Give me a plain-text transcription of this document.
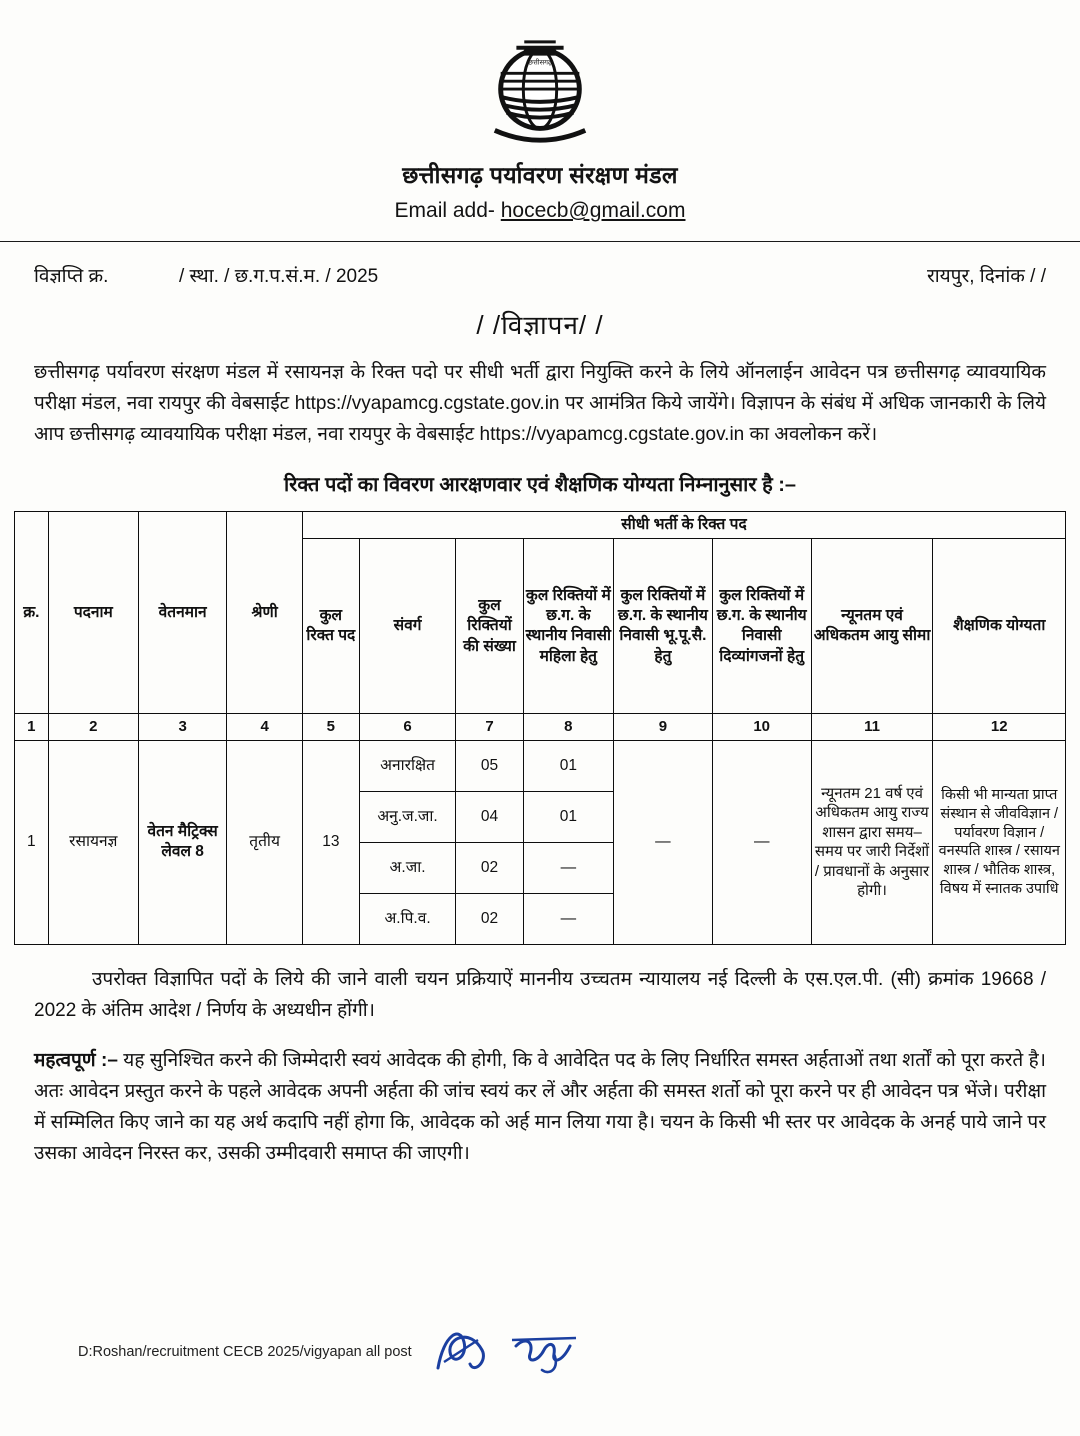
छत्तीसगढ़
छत्तीसगढ़ पर्यावरण संरक्षण मंडल
Email add- hocecb@gmail.com
विज्ञप्ति क्र.	/ स्था. / छ.ग.प.सं.म. / 2025	रायपुर, दिनांक / /
/ /विज्ञापन/ /
छत्तीसगढ़ पर्यावरण संरक्षण मंडल में रसायनज्ञ के रिक्त पदो पर सीधी भर्ती द्वारा नियुक्ति करने के लिये ऑनलाईन आवेदन पत्र छत्तीसगढ़ व्यावयायिक परीक्षा मंडल, नवा रायपुर की वेबसाईट https://vyapamcg.cgstate.gov.in पर आमंत्रित किये जायेंगे। विज्ञापन के संबंध में अधिक जानकारी के लिये आप छत्तीसगढ़ व्यावयायिक परीक्षा मंडल, नवा रायपुर के वेबसाईट https://vyapamcg.cgstate.gov.in का अवलोकन करें।
रिक्त पदों का विवरण आरक्षणवार एवं शैक्षणिक योग्यता निम्नानुसार है :–
क्र.	पदनाम	वेतनमान	श्रेणी	सीधी भर्ती के रिक्त पद							
				कुल रिक्त पद	संवर्ग	कुल रिक्तियों की संख्या	कुल रिक्तियों में छ.ग. के स्थानीय निवासी महिला हेतु	कुल रिक्तियों में छ.ग. के स्थानीय निवासी भू.पू.सै. हेतु	कुल रिक्तियों में छ.ग. के स्थानीय निवासी दिव्यांगजनों हेतु	न्यूनतम एवं अधिकतम आयु सीमा	शैक्षणिक योग्यता
1	2	3	4	5	6	7	8	9	10	11	12
1	रसायनज्ञ	वेतन मैट्रिक्स लेवल 8	तृतीय	13	अनारक्षित	05	01	—	—	न्यूनतम 21 वर्ष एवं अधिकतम आयु राज्य शासन द्वारा समय–समय पर जारी निर्देशों / प्रावधानों के अनुसार होगी।	किसी भी मान्यता प्राप्त संस्थान से जीवविज्ञान / पर्यावरण विज्ञान / वनस्पति शास्त्र / रसायन शास्त्र / भौतिक शास्त्र, विषय में स्नातक उपाधि
					अनु.ज.जा.	04	01				
					अ.जा.	02	—				
					अ.पि.व.	02	—				
उपरोक्त विज्ञापित पदों के लिये की जाने वाली चयन प्रक्रियाऐं माननीय उच्चतम न्यायालय नई दिल्ली के एस.एल.पी. (सी) क्रमांक 19668 / 2022 के अंतिम आदेश / निर्णय के अध्यधीन होंगी।
महत्वपूर्ण :– यह सुनिश्चित करने की जिम्मेदारी स्वयं आवेदक की होगी, कि वे आवेदित पद के लिए निर्धारित समस्त अर्हताओं तथा शर्तों को पूरा करते है। अतः आवेदन प्रस्तुत करने के पहले आवेदक अपनी अर्हता की जांच स्वयं कर लें और अर्हता की समस्त शर्तो को पूरा करने पर ही आवेदन पत्र भेंजे। परीक्षा में सम्मिलित किए जाने का यह अर्थ कदापि नहीं होगा कि, आवेदक को अर्ह मान लिया गया है। चयन के किसी भी स्तर पर आवेदक के अनर्ह पाये जाने पर उसका आवेदन निरस्त कर, उसकी उम्मीदवारी समाप्त की जाएगी।
D:Roshan/recruitment CECB 2025/vigyapan all post
